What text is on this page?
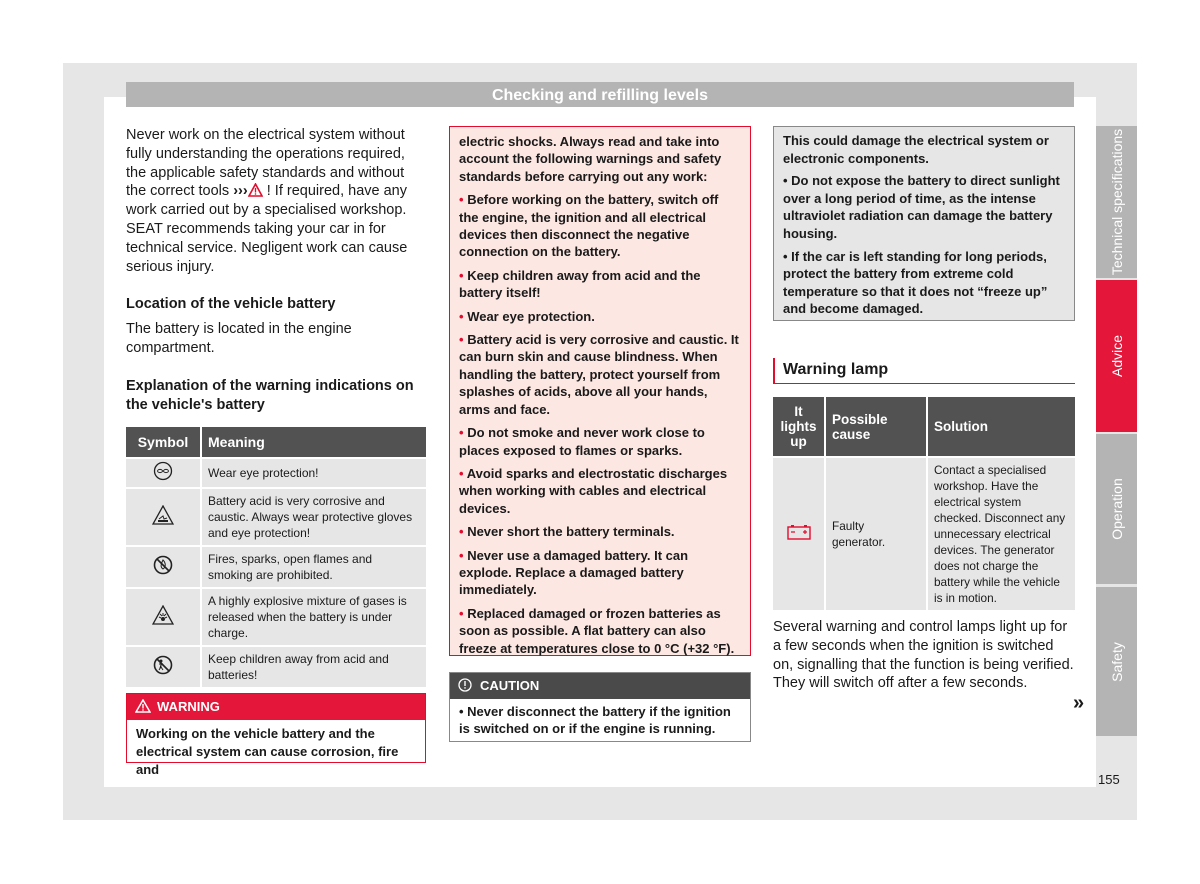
Checking and refilling levels

Never work on the electrical system without fully understanding the operations required, the applicable safety standards and without the correct tools ››› ! If required, have any work carried out by a specialised workshop. SEAT recommends taking your car in for technical service. Negligent work can cause serious injury.

Location of the vehicle battery

The battery is located in the engine compartment.

Explanation of the warning indications on the vehicle's battery
Symbol	Meaning
	Wear eye protection!
	Battery acid is very corrosive and caustic. Always wear protective gloves and eye protection!
	Fires, sparks, open flames and smoking are prohibited.
	A highly explosive mixture of gases is released when the battery is under charge.
	Keep children away from acid and batteries!
WARNING
Working on the vehicle battery and the electrical system can cause corrosion, fire and

electric shocks. Always read and take into account the following warnings and safety standards before carrying out any work:

• Before working on the battery, switch off the engine, the ignition and all electrical devices then disconnect the negative connection on the battery.

• Keep children away from acid and the battery itself!

• Wear eye protection.

• Battery acid is very corrosive and caustic. It can burn skin and cause blindness. When handling the battery, protect yourself from splashes of acids, above all your hands, arms and face.

• Do not smoke and never work close to places exposed to flames or sparks.

• Avoid sparks and electrostatic discharges when working with cables and electrical devices.

• Never short the battery terminals.

• Never use a damaged battery. It can explode. Replace a damaged battery immediately.

• Replaced damaged or frozen batteries as soon as possible. A flat battery can also freeze at temperatures close to 0 °C (+32 °F).

CAUTION
• Never disconnect the battery if the ignition is switched on or if the engine is running.

This could damage the electrical system or electronic components.

• Do not expose the battery to direct sunlight over a long period of time, as the intense ultraviolet radiation can damage the battery housing.

• If the car is left standing for long periods, protect the battery from extreme cold temperature so that it does not “freeze up” and become damaged.

Warning lamp
It lights up	Possible cause	Solution
	Faulty generator.	Contact a specialised workshop. Have the electrical system checked. Disconnect any unnecessary electrical devices. The generator does not charge the battery while the vehicle is in motion.
Several warning and control lamps light up for a few seconds when the ignition is switched on, signalling that the function is being verified. They will switch off after a few seconds.
»
Technical specifications
Advice
Operation
Safety
155
